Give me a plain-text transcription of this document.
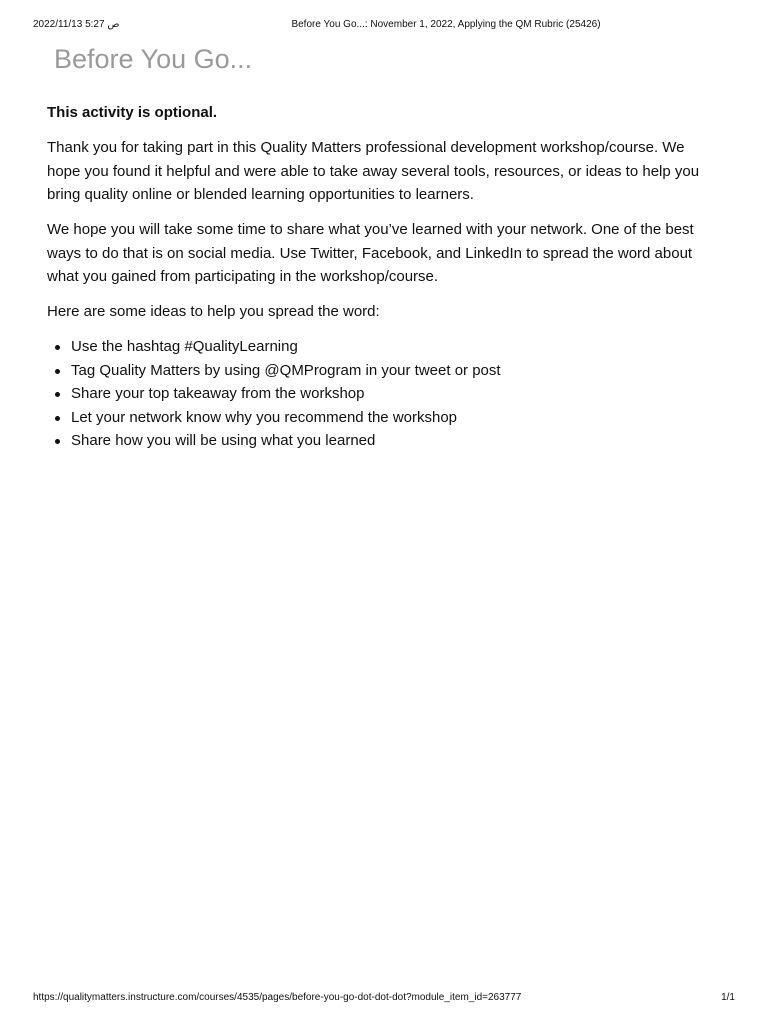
2022/11/13 5:27 ص	Before You Go...: November 1, 2022, Applying the QM Rubric (25426)
Before You Go...

This activity is optional.

Thank you for taking part in this Quality Matters professional development workshop/course. We hope you found it helpful and were able to take away several tools, resources, or ideas to help you bring quality online or blended learning opportunities to learners.

We hope you will take some time to share what you’ve learned with your network. One of the best ways to do that is on social media. Use Twitter, Facebook, and LinkedIn to spread the word about what you gained from participating in the workshop/course.

Here are some ideas to help you spread the word:

Use the hashtag #QualityLearning
Tag Quality Matters by using @QMProgram in your tweet or post
Share your top takeaway from the workshop
Let your network know why you recommend the workshop
Share how you will be using what you learned
https://qualitymatters.instructure.com/courses/4535/pages/before-you-go-dot-dot-dot?module_item_id=263777	1/1
